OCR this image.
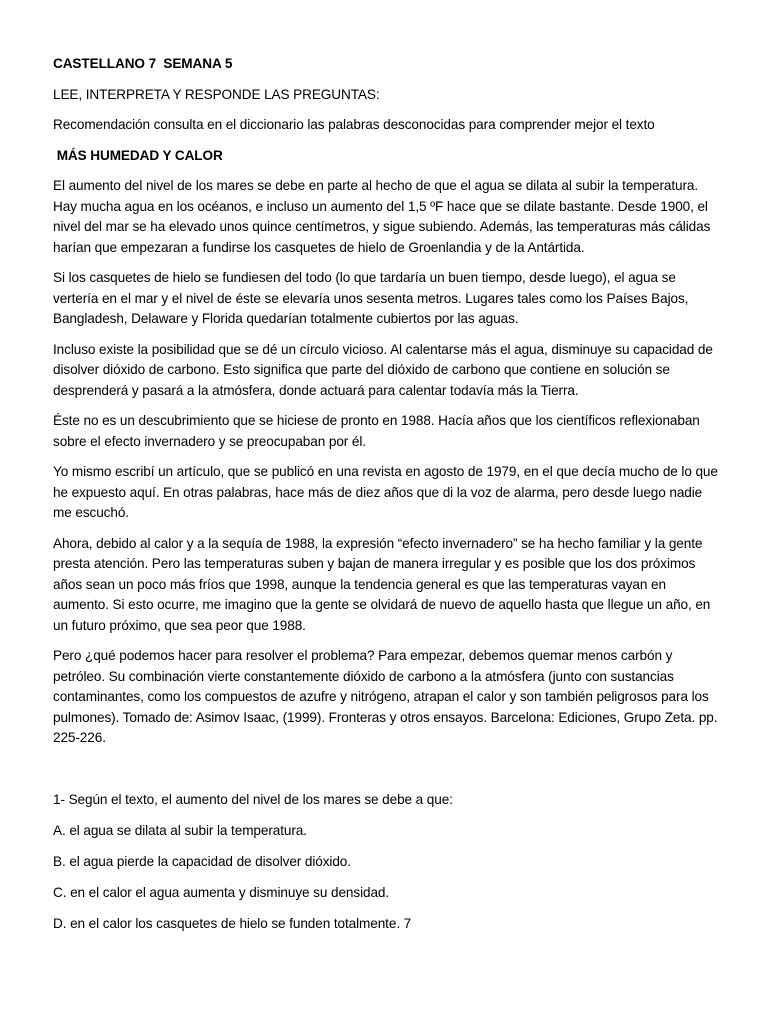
CASTELLANO 7  SEMANA 5
LEE, INTERPRETA Y RESPONDE LAS PREGUNTAS:
Recomendación consulta en el diccionario las palabras desconocidas para comprender mejor el texto
MÁS HUMEDAD Y CALOR
El aumento del nivel de los mares se debe en parte al hecho de que el agua se dilata al subir la temperatura. Hay mucha agua en los océanos, e incluso un aumento del 1,5 ºF hace que se dilate bastante. Desde 1900, el nivel del mar se ha elevado unos quince centímetros, y sigue subiendo. Además, las temperaturas más cálidas harían que empezaran a fundirse los casquetes de hielo de Groenlandia y de la Antártida.
Si los casquetes de hielo se fundiesen del todo (lo que tardaría un buen tiempo, desde luego), el agua se vertería en el mar y el nivel de éste se elevaría unos sesenta metros. Lugares tales como los Países Bajos, Bangladesh, Delaware y Florida quedarían totalmente cubiertos por las aguas.
Incluso existe la posibilidad que se dé un círculo vicioso. Al calentarse más el agua, disminuye su capacidad de disolver dióxido de carbono. Esto significa que parte del dióxido de carbono que contiene en solución se desprenderá y pasará a la atmósfera, donde actuará para calentar todavía más la Tierra.
Éste no es un descubrimiento que se hiciese de pronto en 1988. Hacía años que los científicos reflexionaban sobre el efecto invernadero y se preocupaban por él.
Yo mismo escribí un artículo, que se publicó en una revista en agosto de 1979, en el que decía mucho de lo que he expuesto aquí. En otras palabras, hace más de diez años que di la voz de alarma, pero desde luego nadie me escuchó.
Ahora, debido al calor y a la sequía de 1988, la expresión “efecto invernadero” se ha hecho familiar y la gente presta atención. Pero las temperaturas suben y bajan de manera irregular y es posible que los dos próximos años sean un poco más fríos que 1998, aunque la tendencia general es que las temperaturas vayan en aumento. Si esto ocurre, me imagino que la gente se olvidará de nuevo de aquello hasta que llegue un año, en un futuro próximo, que sea peor que 1988.
Pero ¿qué podemos hacer para resolver el problema? Para empezar, debemos quemar menos carbón y petróleo. Su combinación vierte constantemente dióxido de carbono a la atmósfera (junto con sustancias contaminantes, como los compuestos de azufre y nitrógeno, atrapan el calor y son también peligrosos para los pulmones). Tomado de: Asimov Isaac, (1999). Fronteras y otros ensayos. Barcelona: Ediciones, Grupo Zeta. pp. 225-226.
1- Según el texto, el aumento del nivel de los mares se debe a que:
A. el agua se dilata al subir la temperatura.
B. el agua pierde la capacidad de disolver dióxido.
C. en el calor el agua aumenta y disminuye su densidad.
D. en el calor los casquetes de hielo se funden totalmente. 7
